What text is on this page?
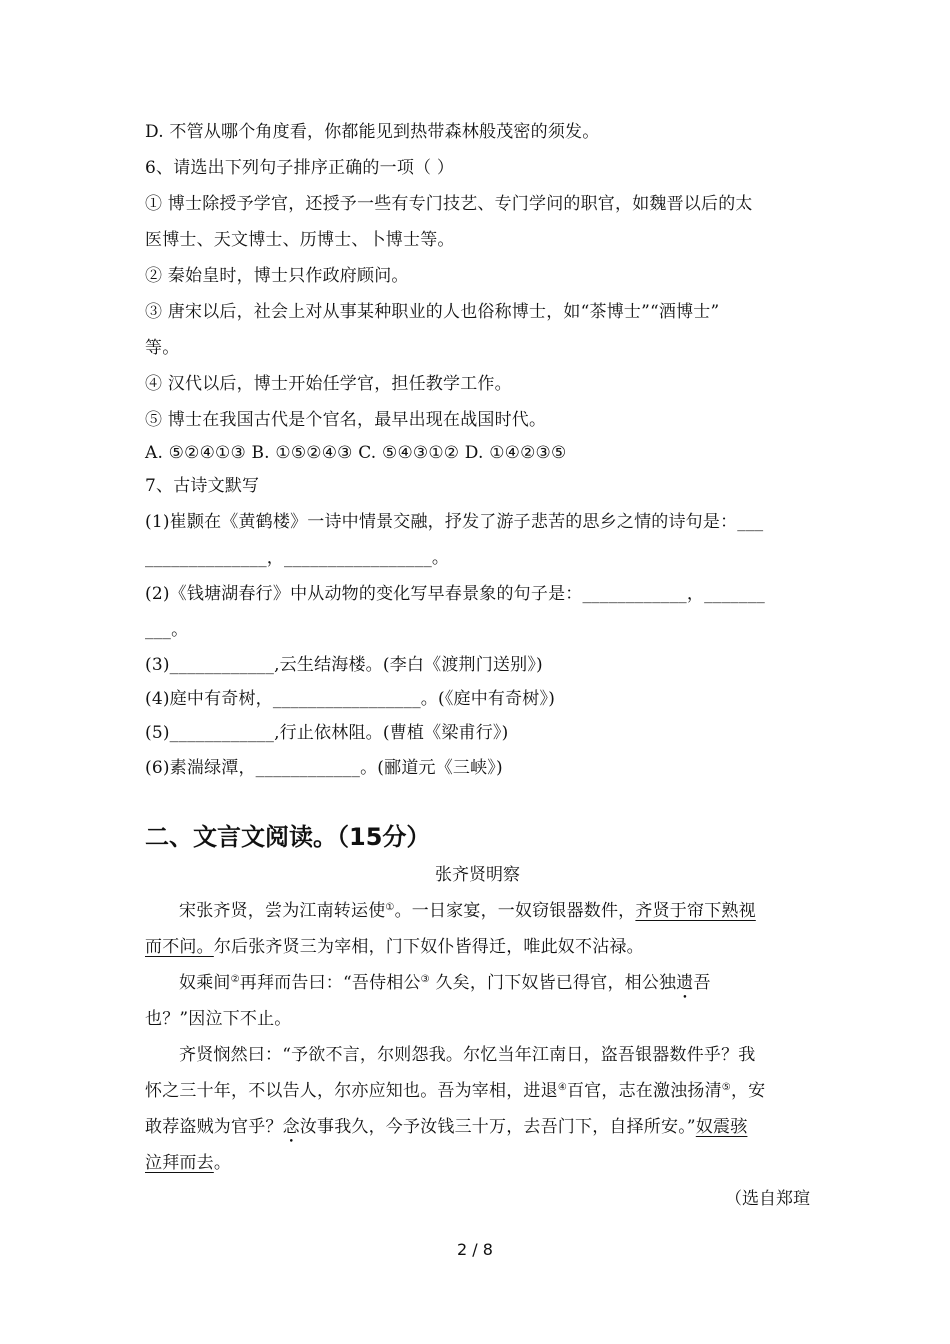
D. 不管从哪个角度看，你都能见到热带森林般茂密的须发。
6、请选出下列句子排序正确的一项（ ）
① 博士除授予学官，还授予一些有专门技艺、专门学问的职官，如魏晋以后的太
医博士、天文博士、历博士、卜博士等。
② 秦始皇时，博士只作政府顾问。
③ 唐宋以后，社会上对从事某种职业的人也俗称博士，如“茶博士”“酒博士”
等。
④ 汉代以后，博士开始任学官，担任教学工作。
⑤ 博士在我国古代是个官名，最早出现在战国时代。
A. ⑤②④①③ B. ①⑤②④③ C. ⑤④③①② D. ①④②③⑤
7、古诗文默写
(1)崔颢在《黄鹤楼》一诗中情景交融，抒发了游子悲苦的思乡之情的诗句是：___
______________，_________________。
(2)《钱塘湖春行》中从动物的变化写早春景象的句子是：____________，_______
___。
(3)____________,云生结海楼。(李白《渡荆门送别》)
(4)庭中有奇树，_________________。(《庭中有奇树》)
(5)____________,行止依林阻。(曹植《梁甫行》)
(6)素湍绿潭，____________。(郦道元《三峡》)
二、文言文阅读。（15分）
张齐贤明察
宋张齐贤，尝为江南转运使①。一日家宴，一奴窃银器数件，齐贤于帘下熟视
而不问。尔后张齐贤三为宰相，门下奴仆皆得迁，唯此奴不沾禄。
奴乘间②再拜而告曰：“吾侍相公③ 久矣，门下奴皆已得官，相公独遗吾
也？”因泣下不止。
齐贤悯然曰：“予欲不言，尔则怨我。尔忆当年江南日，盗吾银器数件乎？我
怀之三十年，不以告人，尔亦应知也。吾为宰相，进退④百官，志在激浊扬清⑤，安
敢荐盗贼为官乎？念汝事我久，今予汝钱三十万，去吾门下，自择所安。”奴震骇
泣拜而去。
（选自郑瑄
2 / 8
